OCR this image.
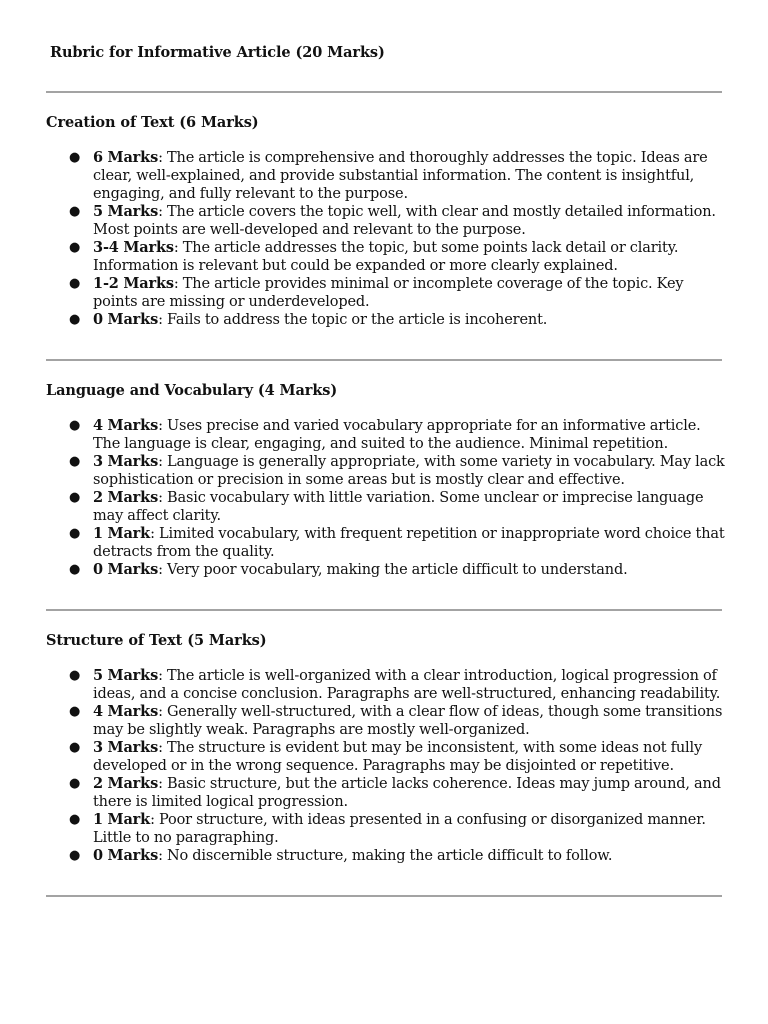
Rubric for Informative Article (20 Marks)
Creation of Text (6 Marks)
● 6 Marks: The article is comprehensive and thoroughly addresses the topic. Ideas are clear, well-explained, and provide substantial information. The content is insightful, engaging, and fully relevant to the purpose.
● 5 Marks: The article covers the topic well, with clear and mostly detailed information. Most points are well-developed and relevant to the purpose.
● 3-4 Marks: The article addresses the topic, but some points lack detail or clarity. Information is relevant but could be expanded or more clearly explained.
● 1-2 Marks: The article provides minimal or incomplete coverage of the topic. Key points are missing or underdeveloped.
● 0 Marks: Fails to address the topic or the article is incoherent.
Language and Vocabulary (4 Marks)
● 4 Marks: Uses precise and varied vocabulary appropriate for an informative article. The language is clear, engaging, and suited to the audience. Minimal repetition.
● 3 Marks: Language is generally appropriate, with some variety in vocabulary. May lack sophistication or precision in some areas but is mostly clear and effective.
● 2 Marks: Basic vocabulary with little variation. Some unclear or imprecise language may affect clarity.
● 1 Mark: Limited vocabulary, with frequent repetition or inappropriate word choice that detracts from the quality.
● 0 Marks: Very poor vocabulary, making the article difficult to understand.
Structure of Text (5 Marks)
● 5 Marks: The article is well-organized with a clear introduction, logical progression of ideas, and a concise conclusion. Paragraphs are well-structured, enhancing readability.
● 4 Marks: Generally well-structured, with a clear flow of ideas, though some transitions may be slightly weak. Paragraphs are mostly well-organized.
● 3 Marks: The structure is evident but may be inconsistent, with some ideas not fully developed or in the wrong sequence. Paragraphs may be disjointed or repetitive.
● 2 Marks: Basic structure, but the article lacks coherence. Ideas may jump around, and there is limited logical progression.
● 1 Mark: Poor structure, with ideas presented in a confusing or disorganized manner. Little to no paragraphing.
● 0 Marks: No discernible structure, making the article difficult to follow.
